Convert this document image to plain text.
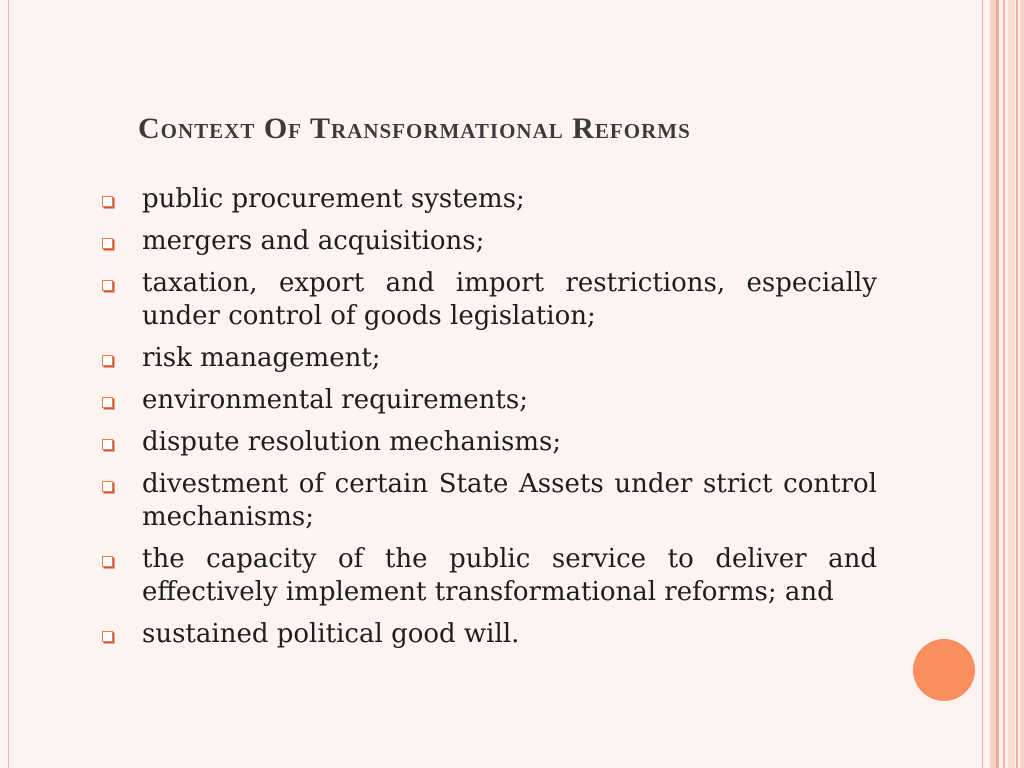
Context Of Transformational Reforms
public procurement systems;
mergers and acquisitions;
taxation, export and import restrictions, especially under control of goods legislation;
risk management;
environmental requirements;
dispute resolution mechanisms;
divestment of certain State Assets under strict control mechanisms;
the capacity of the public service to deliver and effectively implement transformational reforms; and
sustained political good will.
